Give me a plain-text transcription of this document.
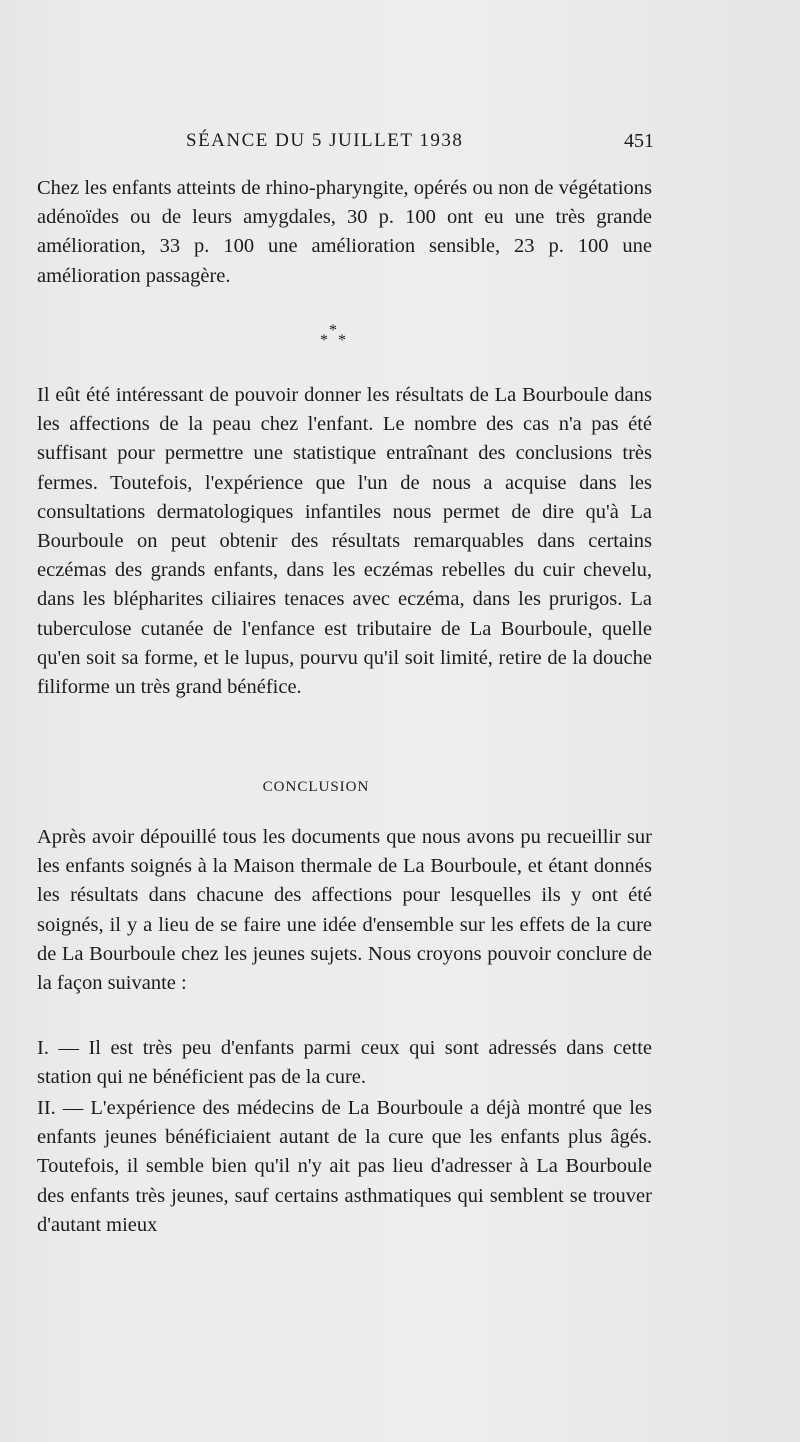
SÉANCE DU 5 JUILLET 1938	451

Chez les enfants atteints de rhino-pharyngite, opérés ou non de végétations adénoïdes ou de leurs amygdales, 30 p. 100 ont eu une très grande amélioration, 33 p. 100 une amélioration sensible, 23 p. 100 une amélioration passagère.

*
* *

Il eût été intéressant de pouvoir donner les résultats de La Bourboule dans les affections de la peau chez l'enfant. Le nombre des cas n'a pas été suffisant pour permettre une statistique entraînant des conclusions très fermes. Toutefois, l'expérience que l'un de nous a acquise dans les consultations dermatologiques infantiles nous permet de dire qu'à La Bourboule on peut obtenir des résultats remarquables dans certains eczémas des grands enfants, dans les eczémas rebelles du cuir chevelu, dans les blépharites ciliaires tenaces avec eczéma, dans les prurigos. La tuberculose cutanée de l'enfance est tributaire de La Bourboule, quelle qu'en soit sa forme, et le lupus, pourvu qu'il soit limité, retire de la douche filiforme un très grand bénéfice.

CONCLUSION

Après avoir dépouillé tous les documents que nous avons pu recueillir sur les enfants soignés à la Maison thermale de La Bourboule, et étant donnés les résultats dans chacune des affections pour lesquelles ils y ont été soignés, il y a lieu de se faire une idée d'ensemble sur les effets de la cure de La Bourboule chez les jeunes sujets. Nous croyons pouvoir conclure de la façon suivante :

I. — Il est très peu d'enfants parmi ceux qui sont adressés dans cette station qui ne bénéficient pas de la cure.

II. — L'expérience des médecins de La Bourboule a déjà montré que les enfants jeunes bénéficiaient autant de la cure que les enfants plus âgés. Toutefois, il semble bien qu'il n'y ait pas lieu d'adresser à La Bourboule des enfants très jeunes, sauf certains asthmatiques qui semblent se trouver d'autant mieux
